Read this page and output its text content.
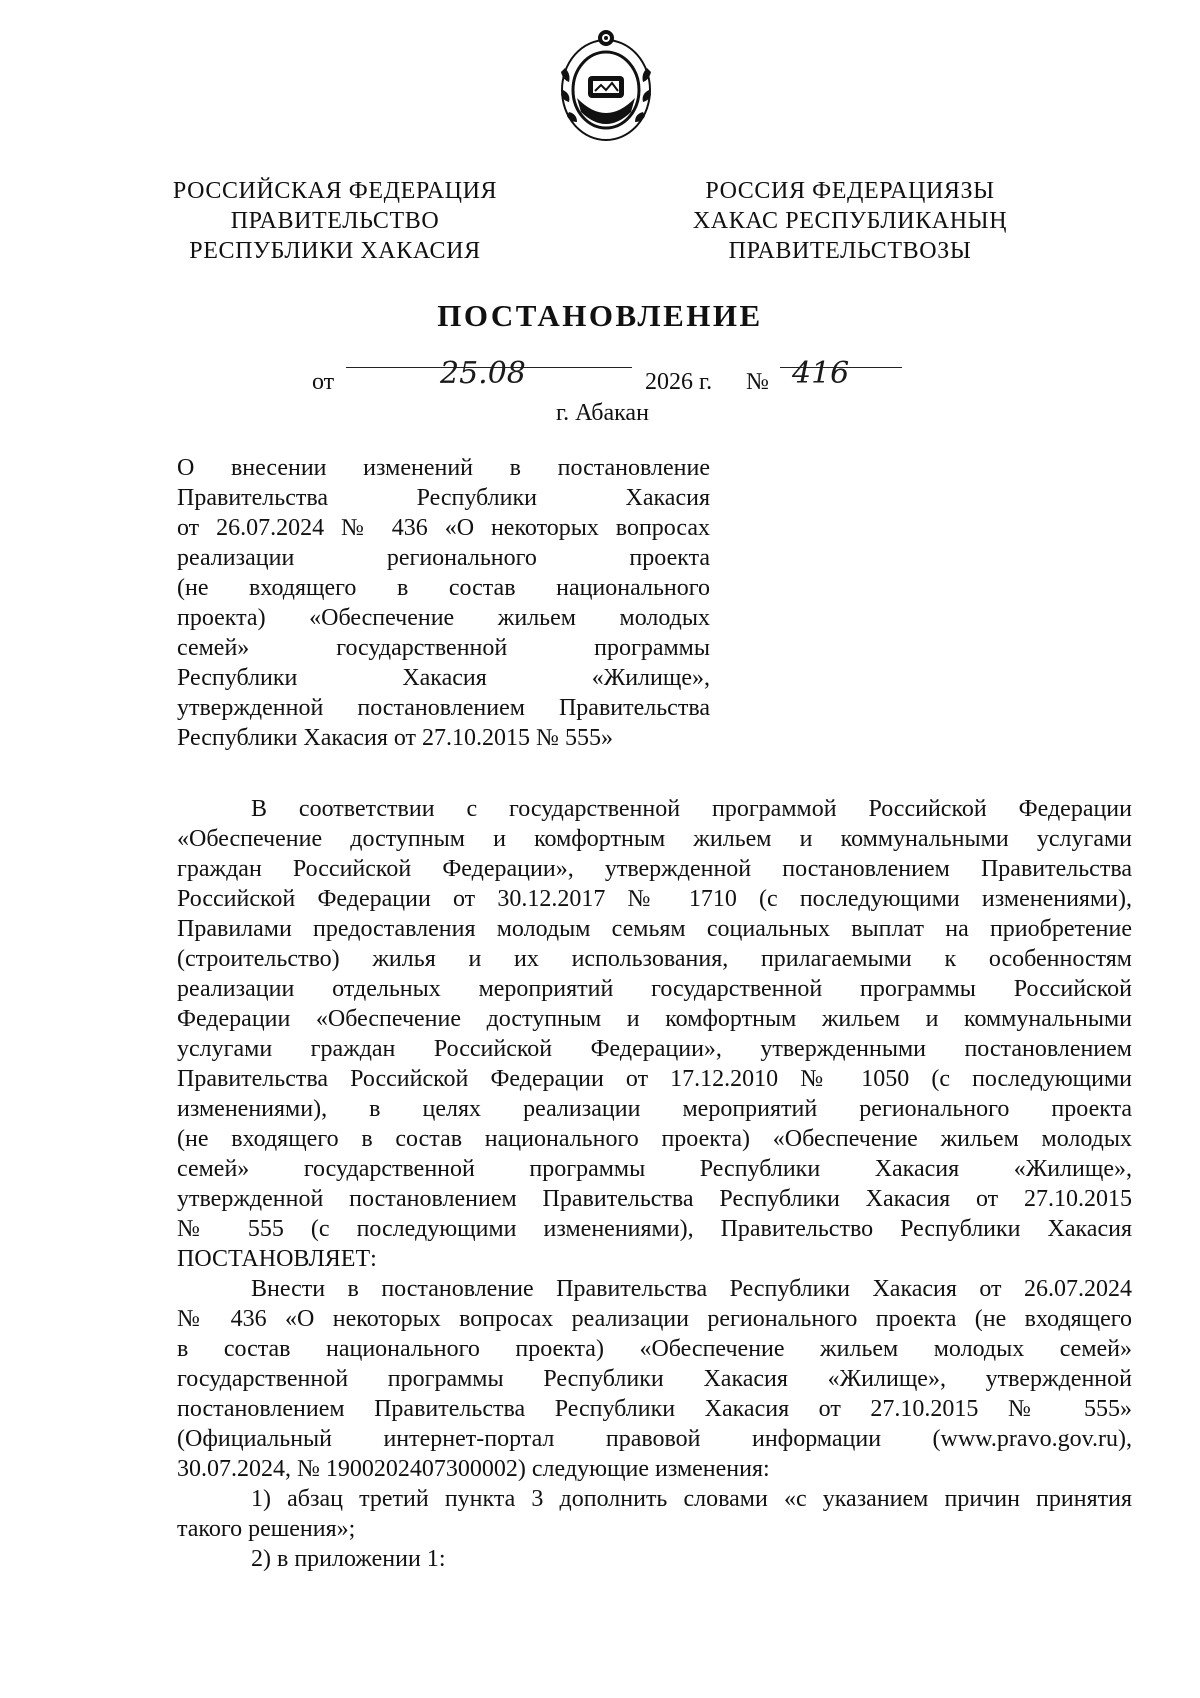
РОССИЙСКАЯ ФЕДЕРАЦИЯ
ПРАВИТЕЛЬСТВО
РЕСПУБЛИКИ ХАКАСИЯ
РОССИЯ ФЕДЕРАЦИЯЗЫ
ХАКАС РЕСПУБЛИКАНЫҢ
ПРАВИТЕЛЬСТВОЗЫ
ПОСТАНОВЛЕНИЕ
от	25.08	2026 г. № 416
г. Абакан
О внесении изменений в постановление
Правительства Республики Хакасия
от 26.07.2024 № 436 «О некоторых вопросах
реализации регионального проекта
(не входящего в состав национального
проекта) «Обеспечение жильем молодых
семей» государственной программы
Республики Хакасия «Жилище»,
утвержденной постановлением Правительства
Республики Хакасия от 27.10.2015 № 555»
В соответствии с государственной программой Российской Федерации
«Обеспечение доступным и комфортным жильем и коммунальными услугами
граждан Российской Федерации», утвержденной постановлением Правительства
Российской Федерации от 30.12.2017 № 1710 (с последующими изменениями),
Правилами предоставления молодым семьям социальных выплат на приобретение
(строительство) жилья и их использования, прилагаемыми к особенностям
реализации отдельных мероприятий государственной программы Российской
Федерации «Обеспечение доступным и комфортным жильем и коммунальными
услугами граждан Российской Федерации», утвержденными постановлением
Правительства Российской Федерации от 17.12.2010 № 1050 (с последующими
изменениями), в целях реализации мероприятий регионального проекта
(не входящего в состав национального проекта) «Обеспечение жильем молодых
семей» государственной программы Республики Хакасия «Жилище»,
утвержденной постановлением Правительства Республики Хакасия от 27.10.2015
№ 555 (с последующими изменениями), Правительство Республики Хакасия
ПОСТАНОВЛЯЕТ:
Внести в постановление Правительства Республики Хакасия от 26.07.2024
№ 436 «О некоторых вопросах реализации регионального проекта (не входящего
в состав национального проекта) «Обеспечение жильем молодых семей»
государственной программы Республики Хакасия «Жилище», утвержденной
постановлением Правительства Республики Хакасия от 27.10.2015 № 555»
(Официальный интернет-портал правовой информации (www.pravo.gov.ru),
30.07.2024, № 1900202407300002) следующие изменения:
1) абзац третий пункта 3 дополнить словами «с указанием причин принятия
такого решения»;
2) в приложении 1:
